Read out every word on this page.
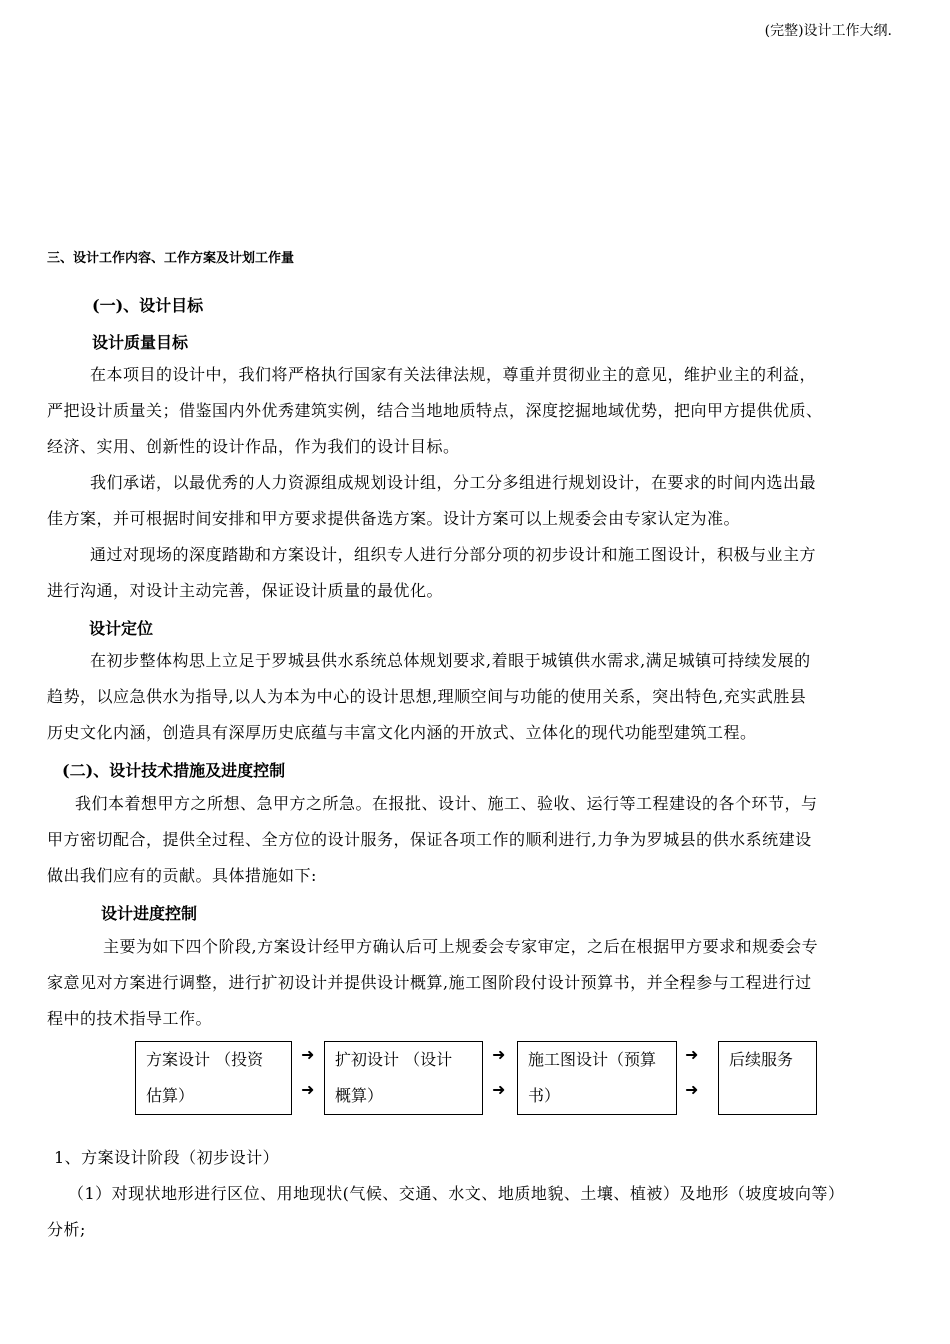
(完整)设计工作大纲.
三、设计工作内容、工作方案及计划工作量
(一)、设计目标
设计质量目标
在本项目的设计中，我们将严格执行国家有关法律法规，尊重并贯彻业主的意见，维护业主的利益，
严把设计质量关；借鉴国内外优秀建筑实例，结合当地地质特点，深度挖掘地域优势，把向甲方提供优质、
经济、实用、创新性的设计作品，作为我们的设计目标。
我们承诺，以最优秀的人力资源组成规划设计组，分工分多组进行规划设计，在要求的时间内选出最
佳方案，并可根据时间安排和甲方要求提供备选方案。设计方案可以上规委会由专家认定为准。
通过对现场的深度踏勘和方案设计，组织专人进行分部分项的初步设计和施工图设计，积极与业主方
进行沟通，对设计主动完善，保证设计质量的最优化。
设计定位
在初步整体构思上立足于罗城县供水系统总体规划要求,着眼于城镇供水需求,满足城镇可持续发展的
趋势，以应急供水为指导,以人为本为中心的设计思想,理顺空间与功能的使用关系，突出特色,充实武胜县
历史文化内涵，创造具有深厚历史底蕴与丰富文化内涵的开放式、立体化的现代功能型建筑工程。
(二)、设计技术措施及进度控制
我们本着想甲方之所想、急甲方之所急。在报批、设计、施工、验收、运行等工程建设的各个环节，与
甲方密切配合，提供全过程、全方位的设计服务，保证各项工作的顺利进行,力争为罗城县的供水系统建设
做出我们应有的贡献。具体措施如下:
设计进度控制
主要为如下四个阶段,方案设计经甲方确认后可上规委会专家审定，之后在根据甲方要求和规委会专
家意见对方案进行调整，进行扩初设计并提供设计概算,施工图阶段付设计预算书，并全程参与工程进行过
程中的技术指导工作。
方案设计 （投资
估算）
➜
➜
扩初设计 （设计
概算）
➜
➜
施工图设计（预算
书）
➜
➜
后续服务
1、方案设计阶段（初步设计）
（1）对现状地形进行区位、用地现状(气候、交通、水文、地质地貌、土壤、植被）及地形（坡度坡向等）
分析;
